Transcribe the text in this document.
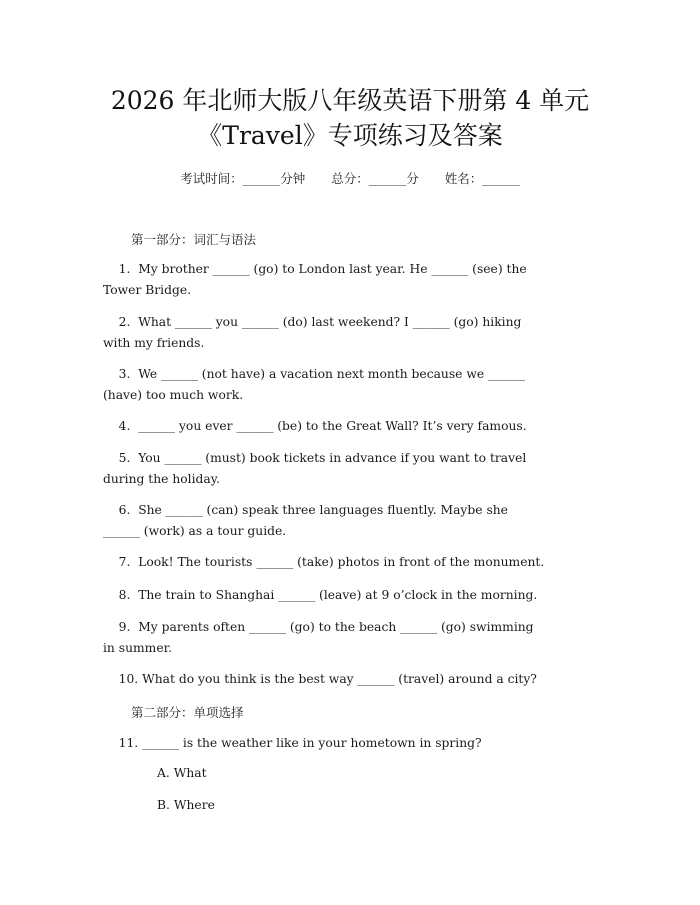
2026 年北师大版八年级英语下册第 4 单元
《Travel》专项练习及答案
考试时间：______分钟 总分：______分 姓名：______
第一部分：词汇与语法
1.  My brother ______ (go) to London last year. He ______ (see) the
Tower Bridge.
2.  What ______ you ______ (do) last weekend? I ______ (go) hiking
with my friends.
3.  We ______ (not have) a vacation next month because we ______
(have) too much work.
4.  ______ you ever ______ (be) to the Great Wall? It’s very famous.
5.  You ______ (must) book tickets in advance if you want to travel
during the holiday.
6.  She ______ (can) speak three languages fluently. Maybe she
______ (work) as a tour guide.
7.  Look! The tourists ______ (take) photos in front of the monument.
8.  The train to Shanghai ______ (leave) at 9 o’clock in the morning.
9.  My parents often ______ (go) to the beach ______ (go) swimming
in summer.
10. What do you think is the best way ______ (travel) around a city?
第二部分：单项选择
11. ______ is the weather like in your hometown in spring?
A. What
B. Where
